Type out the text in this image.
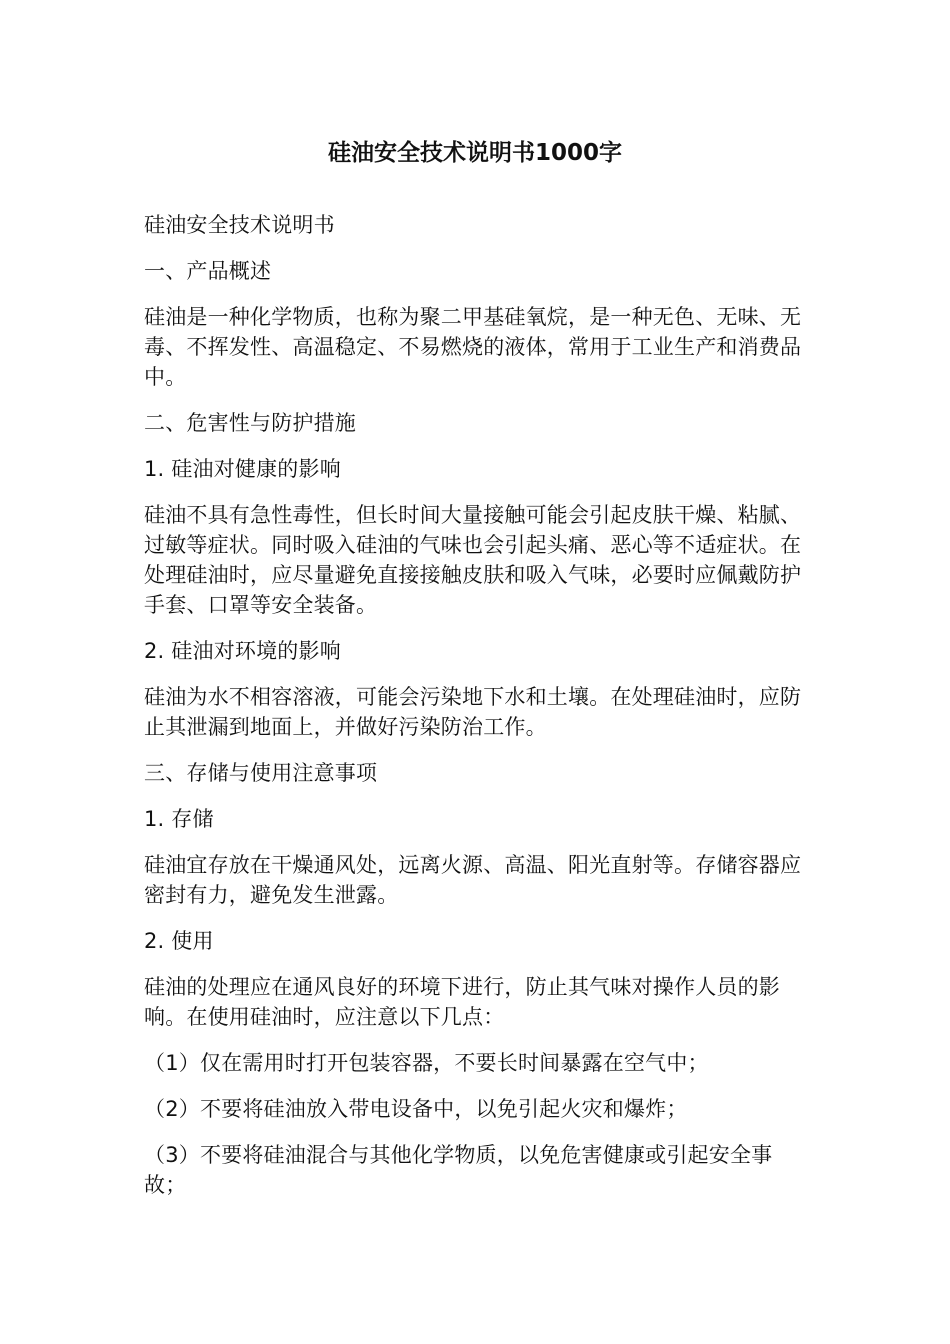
硅油安全技术说明书1000字

硅油安全技术说明书

一、产品概述

硅油是一种化学物质，也称为聚二甲基硅氧烷，是一种无色、无味、无毒、不挥发性、高温稳定、不易燃烧的液体，常用于工业生产和消费品中。

二、危害性与防护措施

1. 硅油对健康的影响

硅油不具有急性毒性，但长时间大量接触可能会引起皮肤干燥、粘腻、过敏等症状。同时吸入硅油的气味也会引起头痛、恶心等不适症状。在处理硅油时，应尽量避免直接接触皮肤和吸入气味，必要时应佩戴防护手套、口罩等安全装备。

2. 硅油对环境的影响

硅油为水不相容溶液，可能会污染地下水和土壤。在处理硅油时，应防止其泄漏到地面上，并做好污染防治工作。

三、存储与使用注意事项

1. 存储

硅油宜存放在干燥通风处，远离火源、高温、阳光直射等。存储容器应密封有力，避免发生泄露。

2. 使用

硅油的处理应在通风良好的环境下进行，防止其气味对操作人员的影响。在使用硅油时，应注意以下几点：

（1）仅在需用时打开包装容器，不要长时间暴露在空气中；

（2）不要将硅油放入带电设备中，以免引起火灾和爆炸；

（3）不要将硅油混合与其他化学物质，以免危害健康或引起安全事故；
